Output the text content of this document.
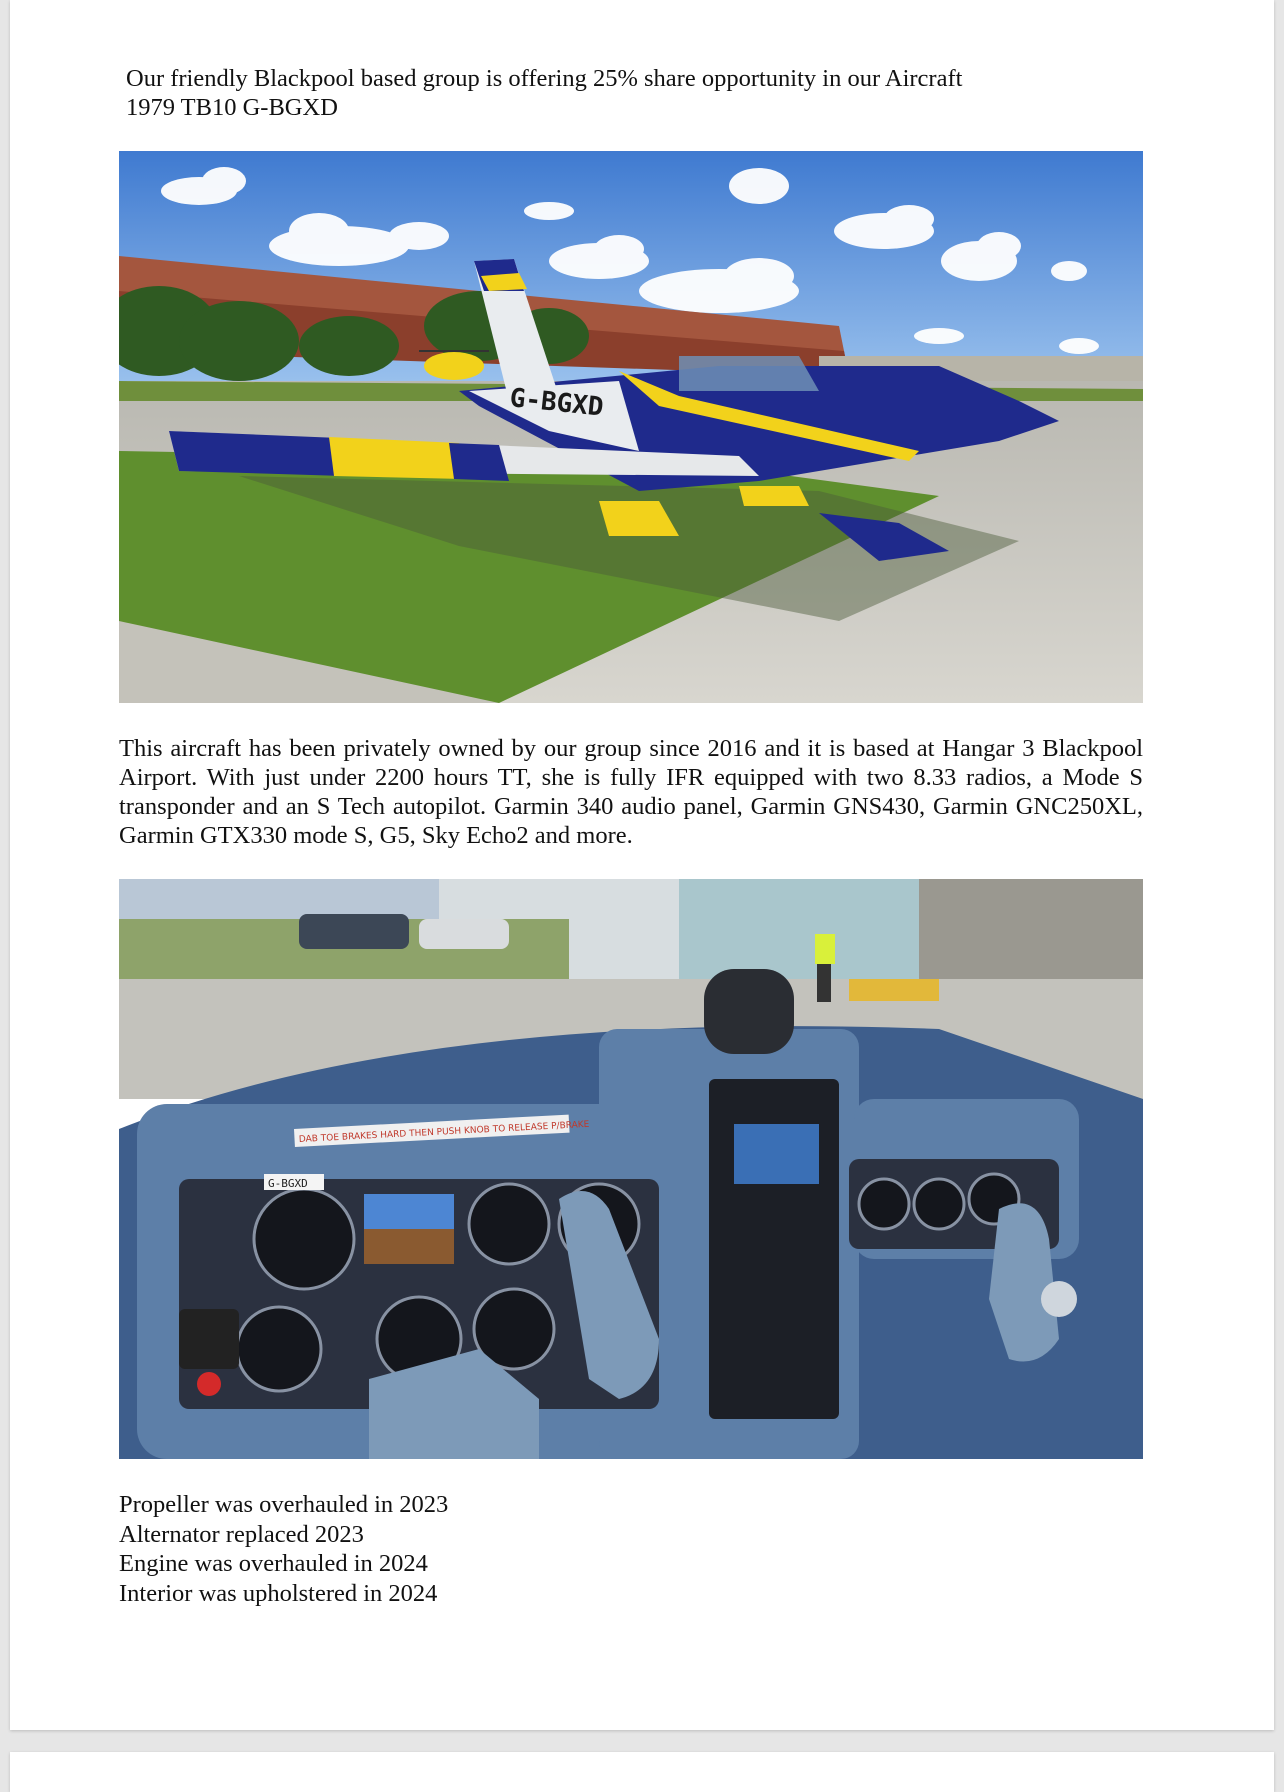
Our friendly Blackpool based group is offering 25% share opportunity in our Aircraft
1979 TB10 G-BGXD
G-BGXD
This aircraft has been privately owned by our group since 2016 and it is based at Hangar 3 Blackpool Airport. With just under 2200 hours TT, she is fully IFR equipped with two 8.33 radios, a Mode S transponder and an S Tech autopilot. Garmin 340 audio panel, Garmin GNS430, Garmin GNC250XL, Garmin GTX330 mode S, G5, Sky Echo2 and more.
DAB TOE BRAKES HARD THEN PUSH KNOB TO RELEASE P/BRAKE
G-BGXD
Propeller was overhauled in 2023
Alternator replaced 2023
Engine was overhauled in 2024
Interior was upholstered in 2024
